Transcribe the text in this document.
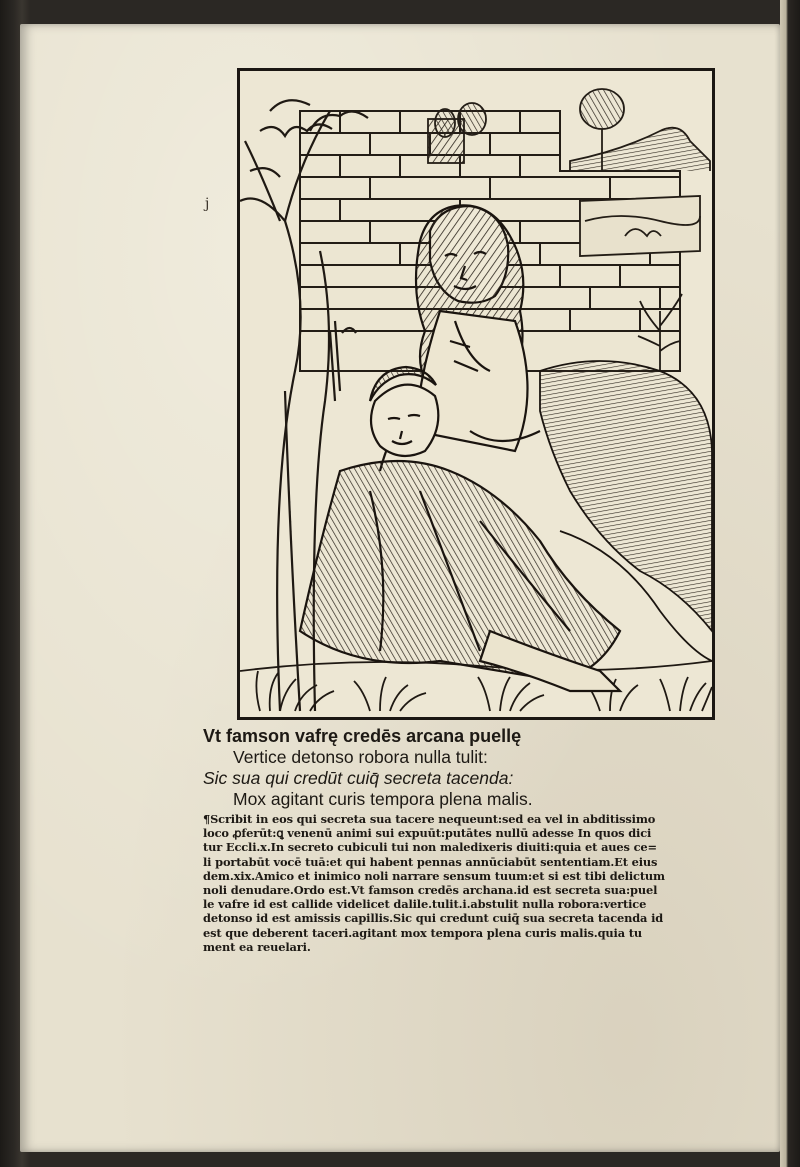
j
Vt famson vafrę credēs arcana puellę
Vertice detonso robora nulla tulit:
Sic sua qui credūt cuiq̄ secreta tacenda:
Mox agitant curis tempora plena malis.
¶Scribit in eos qui secreta sua tacere nequeunt:sed ea vel in abditissimo
loco ꝓferūt:ꝗ venenū animi sui expuūt:putātes nullū adesse In quos dici
tur Eccli.x.In secreto cubiculi tui non maledixeris diuiti:quia et aues ce=
li portabūt vocē tuā:et qui habent pennas annūciabūt sententiam.Et eius
dem.xix.Amico et inimico noli narrare sensum tuum:et si est tibi delictum
noli denudare.Ordo est.Vt famson credēs archana.id est secreta sua:puel
le vafre id est callide videlicet dalile.tulit.i.abstulit nulla robora:vertice
detonso id est amissis capillis.Sic qui credunt cuiq̄ sua secreta tacenda id
est que deberent taceri.agitant mox tempora plena curis malis.quia tu
ment ea reuelari.
